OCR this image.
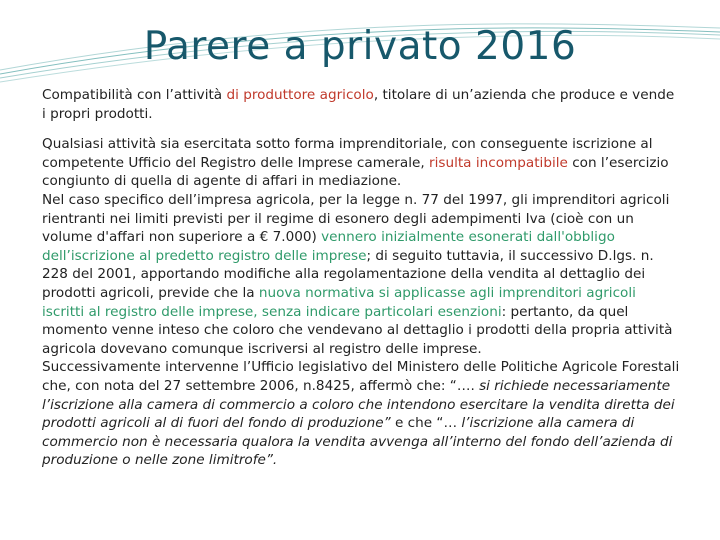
Parere a privato 2016

Compatibilità con l’attività di produttore agricolo, titolare di un’azienda che produce e vende i propri prodotti.

Qualsiasi attività sia esercitata sotto forma imprenditoriale, con conseguente iscrizione al competente Ufficio del Registro delle Imprese camerale, risulta incompatibile con l’esercizio congiunto di quella di agente di affari in mediazione.

Nel caso specifico dell’impresa agricola, per la legge n. 77 del 1997, gli imprenditori agricoli rientranti nei limiti previsti per il regime di esonero degli adempimenti Iva (cioè con un volume d'affari non superiore a € 7.000) vennero inizialmente esonerati dall'obbligo dell’iscrizione al predetto registro delle imprese; di seguito tuttavia, il successivo D.lgs. n. 228 del 2001, apportando modifiche alla regolamentazione della vendita al dettaglio dei prodotti agricoli, previde che la nuova normativa si applicasse agli imprenditori agricoli iscritti al registro delle imprese, senza indicare particolari esenzioni: pertanto, da quel momento venne inteso che coloro che vendevano al dettaglio i prodotti della propria attività agricola dovevano comunque iscriversi al registro delle imprese.

Successivamente intervenne l’Ufficio legislativo del Ministero delle Politiche Agricole Forestali che, con nota del 27 settembre 2006, n.8425, affermò che: “…. si richiede necessariamente l’iscrizione alla camera di commercio a coloro che intendono esercitare la vendita diretta dei prodotti agricoli al di fuori del fondo di produzione” e che “… l’iscrizione alla camera di commercio non è necessaria qualora la vendita avvenga all’interno del fondo dell’azienda di produzione o nelle zone limitrofe”.
